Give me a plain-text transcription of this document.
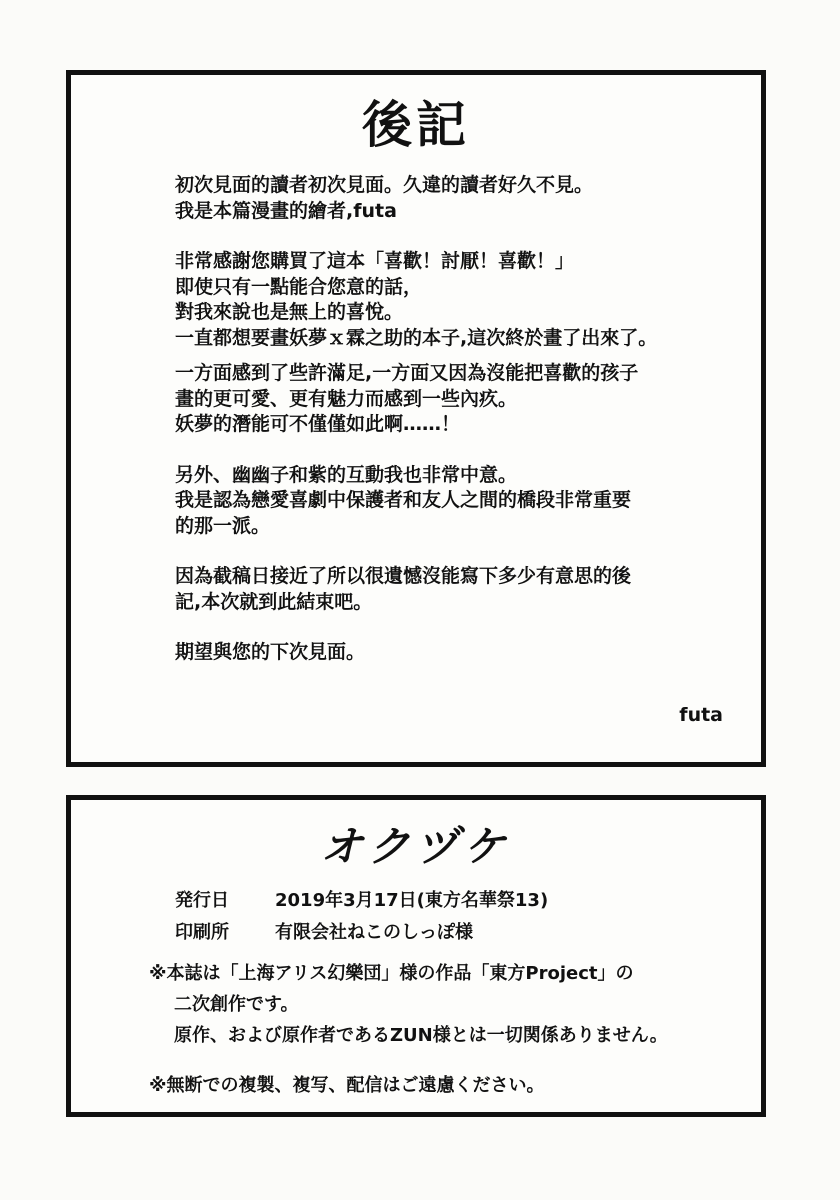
後記
初次見面的讀者初次見面。久違的讀者好久不見。
我是本篇漫畫的繪者,futa
非常感謝您購買了這本「喜歡！討厭！喜歡！」
即使只有一點能合您意的話，
對我來說也是無上的喜悅。
一直都想要畫妖夢ｘ霖之助的本子,這次終於畫了出來了。
一方面感到了些許滿足,一方面又因為沒能把喜歡的孩子
畫的更可愛、更有魅力而感到一些內疚。
妖夢的潛能可不僅僅如此啊……！
另外、幽幽子和紫的互動我也非常中意。
我是認為戀愛喜劇中保護者和友人之間的橋段非常重要
的那一派。
因為截稿日接近了所以很遺憾沒能寫下多少有意思的後
記,本次就到此結束吧。
期望與您的下次見面。
futa
オクヅケ
発行日	2019年3月17日(東方名華祭13)
印刷所	有限会社ねこのしっぽ様
※本誌は「上海アリス幻樂団」様の作品「東方Project」の
二次創作です。
原作、および原作者であるZUN様とは一切関係ありません。
※無断での複製、複写、配信はご遠慮ください。
